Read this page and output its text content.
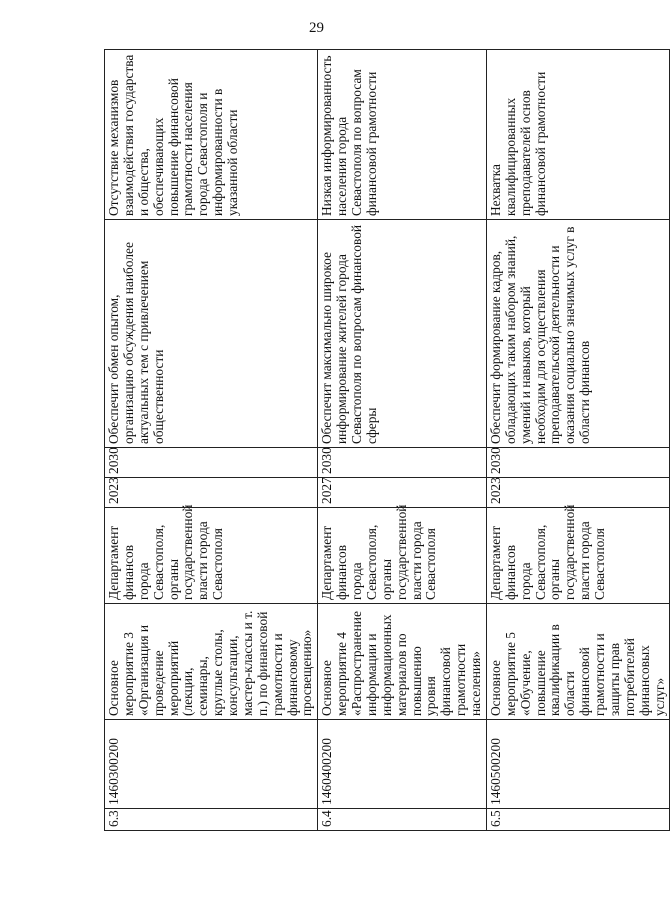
29
6.3	1460300200	Основное мероприятие 3 «Организация и проведение мероприятий (лекции, семинары, круглые столы, консультации, мастер-классы и т. п.) по финансовой грамотности и финансовому просвещению»	Департамент финансов города Севастополя, органы государственной власти города Севастополя	2023	2030	Обеспечит обмен опытом, организацию обсуждения наиболее актуальных тем с привлечением общественности	Отсутствие механизмов взаимодействия государства и общества, обеспечивающих повышение финансовой грамотности населения города Севастополя и информированности в указанной области
6.4	1460400200	Основное мероприятие 4 «Распространение информации и информационных материалов по повышению уровня финансовой грамотности населения»	Департамент финансов города Севастополя, органы государственной власти города Севастополя	2027	2030	Обеспечит максимально широкое информирование жителей города Севастополя по вопросам финансовой сферы	Низкая информированность населения города Севастополя по вопросам финансовой грамотности
6.5	1460500200	Основное мероприятие 5 «Обучение, повышение квалификации в области финансовой грамотности и защиты прав потребителей финансовых услуг»	Департамент финансов города Севастополя, органы государственной власти города Севастополя	2023	2030	Обеспечит формирование кадров, обладающих таким набором знаний, умений и навыков, который необходим для осуществления преподавательской деятельности и оказания социально значимых услуг в области финансов	Нехватка квалифицированных преподавателей основ финансовой грамотности
